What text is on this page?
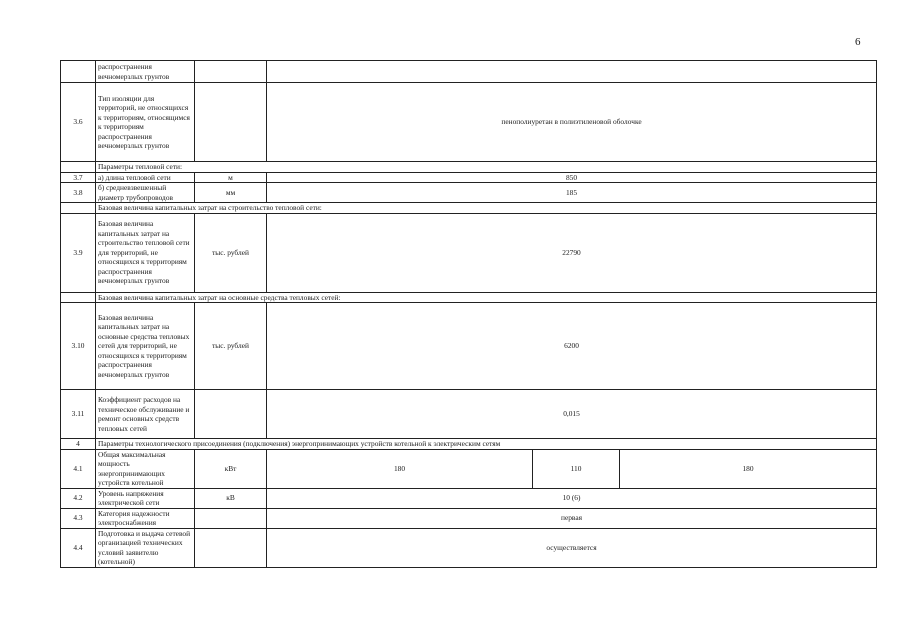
6
	распространения вечномерзлых грунтов				
3.6	Тип изоляции для территорий, не относящихся к территориям, относящимся к территориям распространения вечномерзлых грунтов		пенополиуретан в полиэтиленовой оболочке		
	Параметры тепловой сети:				
3.7	а) длина тепловой сети	м	850		
3.8	б) средневзвешенный диаметр трубопроводов	мм	185		
	Базовая величина капитальных затрат на строительство тепловой сети:				
3.9	Базовая величина капитальных затрат на строительство тепловой сети для территорий, не относящихся к территориям распространения вечномерзлых грунтов	тыс. рублей	22790		
	Базовая величина капитальных затрат на основные средства тепловых сетей:				
3.10	Базовая величина капитальных затрат на основные средства тепловых сетей для территорий, не относящихся к территориям распространения вечномерзлых грунтов	тыс. рублей	6200		
3.11	Коэффициент расходов на техническое обслуживание и ремонт основных средств тепловых сетей		0,015		
4	Параметры технологического присоединения (подключения) энергопринимающих устройств котельной к электрическим сетям				
4.1	Общая максимальная мощность энергопринимающих устройств котельной	кВт	180	110	180
4.2	Уровень напряжения электрической сети	кВ	10 (6)		
4.3	Категория надежности электроснабжения		первая		
4.4	Подготовка и выдача сетевой организацией технических условий заявителю (котельной)		осуществляется		
